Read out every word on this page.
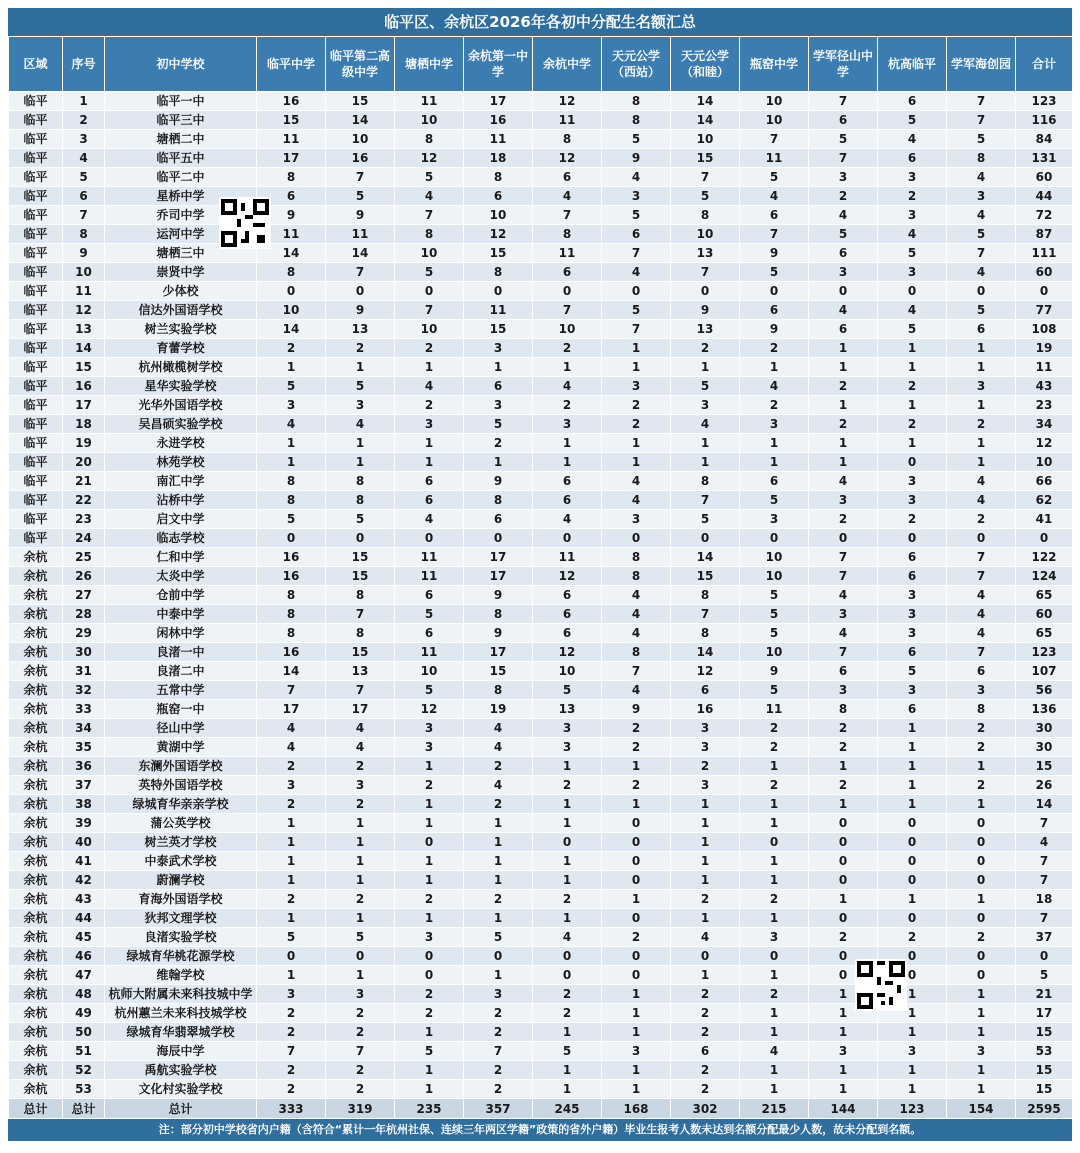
临平区、余杭区2026年各初中分配生名额汇总
区域	序号	初中学校	临平中学	临平第二高级中学	塘栖中学	余杭第一中学	余杭中学	天元公学（西站）	天元公学（和睦）	瓶窑中学	学军径山中学	杭高临平	学军海创园	合计
临平	1	临平一中	16	15	11	17	12	8	14	10	7	6	7	123
临平	2	临平三中	15	14	10	16	11	8	14	10	6	5	7	116
临平	3	塘栖二中	11	10	8	11	8	5	10	7	5	4	5	84
临平	4	临平五中	17	16	12	18	12	9	15	11	7	6	8	131
临平	5	临平二中	8	7	5	8	6	4	7	5	3	3	4	60
临平	6	星桥中学	6	5	4	6	4	3	5	4	2	2	3	44
临平	7	乔司中学	9	9	7	10	7	5	8	6	4	3	4	72
临平	8	运河中学	11	11	8	12	8	6	10	7	5	4	5	87
临平	9	塘栖三中	14	14	10	15	11	7	13	9	6	5	7	111
临平	10	崇贤中学	8	7	5	8	6	4	7	5	3	3	4	60
临平	11	少体校	0	0	0	0	0	0	0	0	0	0	0	0
临平	12	信达外国语学校	10	9	7	11	7	5	9	6	4	4	5	77
临平	13	树兰实验学校	14	13	10	15	10	7	13	9	6	5	6	108
临平	14	育蕾学校	2	2	2	3	2	1	2	2	1	1	1	19
临平	15	杭州橄榄树学校	1	1	1	1	1	1	1	1	1	1	1	11
临平	16	星华实验学校	5	5	4	6	4	3	5	4	2	2	3	43
临平	17	光华外国语学校	3	3	2	3	2	2	3	2	1	1	1	23
临平	18	吴昌硕实验学校	4	4	3	5	3	2	4	3	2	2	2	34
临平	19	永进学校	1	1	1	2	1	1	1	1	1	1	1	12
临平	20	林苑学校	1	1	1	1	1	1	1	1	1	0	1	10
临平	21	南汇中学	8	8	6	9	6	4	8	6	4	3	4	66
临平	22	沾桥中学	8	8	6	8	6	4	7	5	3	3	4	62
临平	23	启文中学	5	5	4	6	4	3	5	3	2	2	2	41
临平	24	临志学校	0	0	0	0	0	0	0	0	0	0	0	0
余杭	25	仁和中学	16	15	11	17	11	8	14	10	7	6	7	122
余杭	26	太炎中学	16	15	11	17	12	8	15	10	7	6	7	124
余杭	27	仓前中学	8	8	6	9	6	4	8	5	4	3	4	65
余杭	28	中泰中学	8	7	5	8	6	4	7	5	3	3	4	60
余杭	29	闲林中学	8	8	6	9	6	4	8	5	4	3	4	65
余杭	30	良渚一中	16	15	11	17	12	8	14	10	7	6	7	123
余杭	31	良渚二中	14	13	10	15	10	7	12	9	6	5	6	107
余杭	32	五常中学	7	7	5	8	5	4	6	5	3	3	3	56
余杭	33	瓶窑一中	17	17	12	19	13	9	16	11	8	6	8	136
余杭	34	径山中学	4	4	3	4	3	2	3	2	2	1	2	30
余杭	35	黄湖中学	4	4	3	4	3	2	3	2	2	1	2	30
余杭	36	东澜外国语学校	2	2	1	2	1	1	2	1	1	1	1	15
余杭	37	英特外国语学校	3	3	2	4	2	2	3	2	2	1	2	26
余杭	38	绿城育华亲亲学校	2	2	1	2	1	1	1	1	1	1	1	14
余杭	39	蒲公英学校	1	1	1	1	1	0	1	1	0	0	0	7
余杭	40	树兰英才学校	1	1	0	1	0	0	1	0	0	0	0	4
余杭	41	中泰武术学校	1	1	1	1	1	0	1	1	0	0	0	7
余杭	42	蔚澜学校	1	1	1	1	1	0	1	1	0	0	0	7
余杭	43	育海外国语学校	2	2	2	2	2	1	2	2	1	1	1	18
余杭	44	狄邦文理学校	1	1	1	1	1	0	1	1	0	0	0	7
余杭	45	良渚实验学校	5	5	3	5	4	2	4	3	2	2	2	37
余杭	46	绿城育华桃花源学校	0	0	0	0	0	0	0	0	0	0	0	0
余杭	47	维翰学校	1	1	0	1	0	0	1	1	0	0	0	5
余杭	48	杭师大附属未来科技城中学	3	3	2	3	2	1	2	2	1	1	1	21
余杭	49	杭州蕙兰未来科技城学校	2	2	2	2	2	1	2	1	1	1	1	17
余杭	50	绿城育华翡翠城学校	2	2	1	2	1	1	2	1	1	1	1	15
余杭	51	海辰中学	7	7	5	7	5	3	6	4	3	3	3	53
余杭	52	禹航实验学校	2	2	1	2	1	1	2	1	1	1	1	15
余杭	53	文化村实验学校	2	2	1	2	1	1	2	1	1	1	1	15
总计	总计	总计	333	319	235	357	245	168	302	215	144	123	154	2595
注：部分初中学校省内户籍（含符合“累计一年杭州社保、连续三年两区学籍”政策的省外户籍）毕业生报考人数未达到名额分配最少人数，故未分配到名额。
